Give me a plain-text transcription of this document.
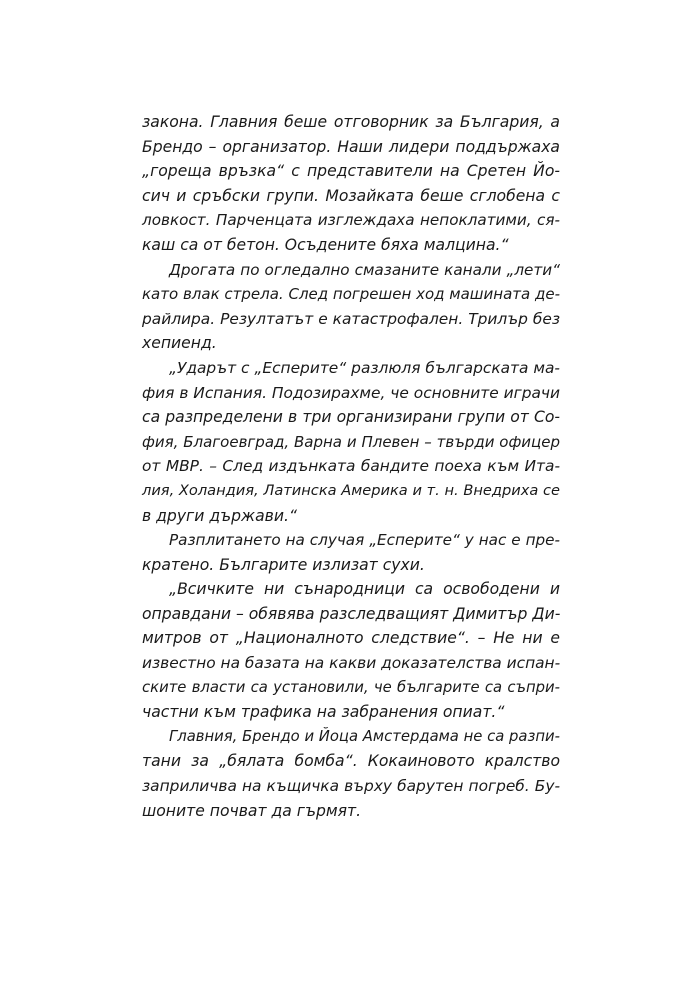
закона. Главния беше отговорник за България, а
Брендо – организатор. Наши лидери поддържаха
„гореща връзка“ с представители на Сретен Йо-
сич и сръбски групи. Мозайката беше сглобена с
ловкост. Парченцата изглеждаха непоклатими, ся-
каш са от бетон. Осъдените бяха малцина.“
Дрогата по огледално смазаните канали „лети“
като влак стрела. След погрешен ход машината де-
райлира. Резултатът е катастрофален. Трилър без
хепиенд.
„Ударът с „Есперите“ разлюля българската ма-
фия в Испания. Подозирахме, че основните играчи
са разпределени в три организирани групи от Со-
фия, Благоевград, Варна и Плевен – твърди офицер
от МВР. – След издънката бандите поеха към Ита-
лия, Холандия, Латинска Америка и т. н. Внедриха се
в други държави.“
Разплитането на случая „Есперите“ у нас е пре-
кратено. Българите излизат сухи.
„Всичките ни сънародници са освободени и
оправдани – обявява разследващият Димитър Ди-
митров от „Националното следствие“. – Не ни е
известно на базата на какви доказателства испан-
ските власти са установили, че българите са съпри-
частни към трафика на забранения опиат.“
Главния, Брендо и Йоца Амстердама не са разпи-
тани за „бялата бомба“. Кокаиновото кралство
заприличва на къщичка върху барутен погреб. Бу-
шоните почват да гърмят.
